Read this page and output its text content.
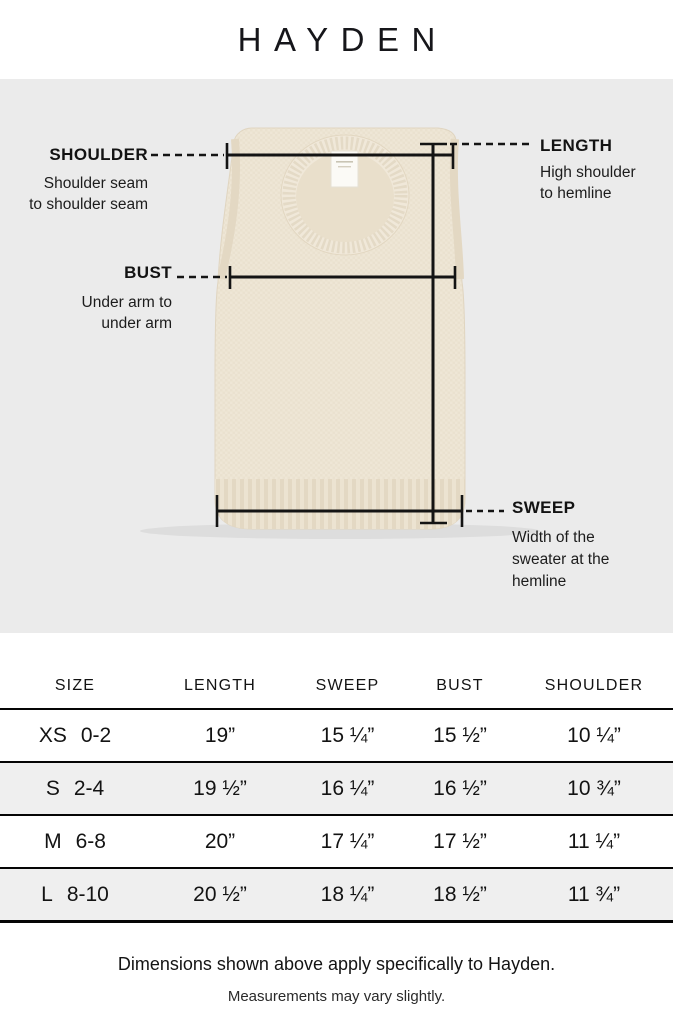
HAYDEN
SHOULDER
Shoulder seam
to shoulder seam
LENGTH
High shoulder
to hemline
BUST
Under arm to
under arm
SWEEP
Width of the
sweater at the
hemline
SIZE	LENGTH	SWEEP	BUST	SHOULDER
XS 0-2	19”	15 ¼”	15 ½”	10 ¼”
S 2-4	19 ½”	16 ¼”	16 ½”	10 ¾”
M 6-8	20”	17 ¼”	17 ½”	11 ¼”
L 8-10	20 ½”	18 ¼”	18 ½”	11 ¾”
Dimensions shown above apply specifically to Hayden.
Measurements may vary slightly.
